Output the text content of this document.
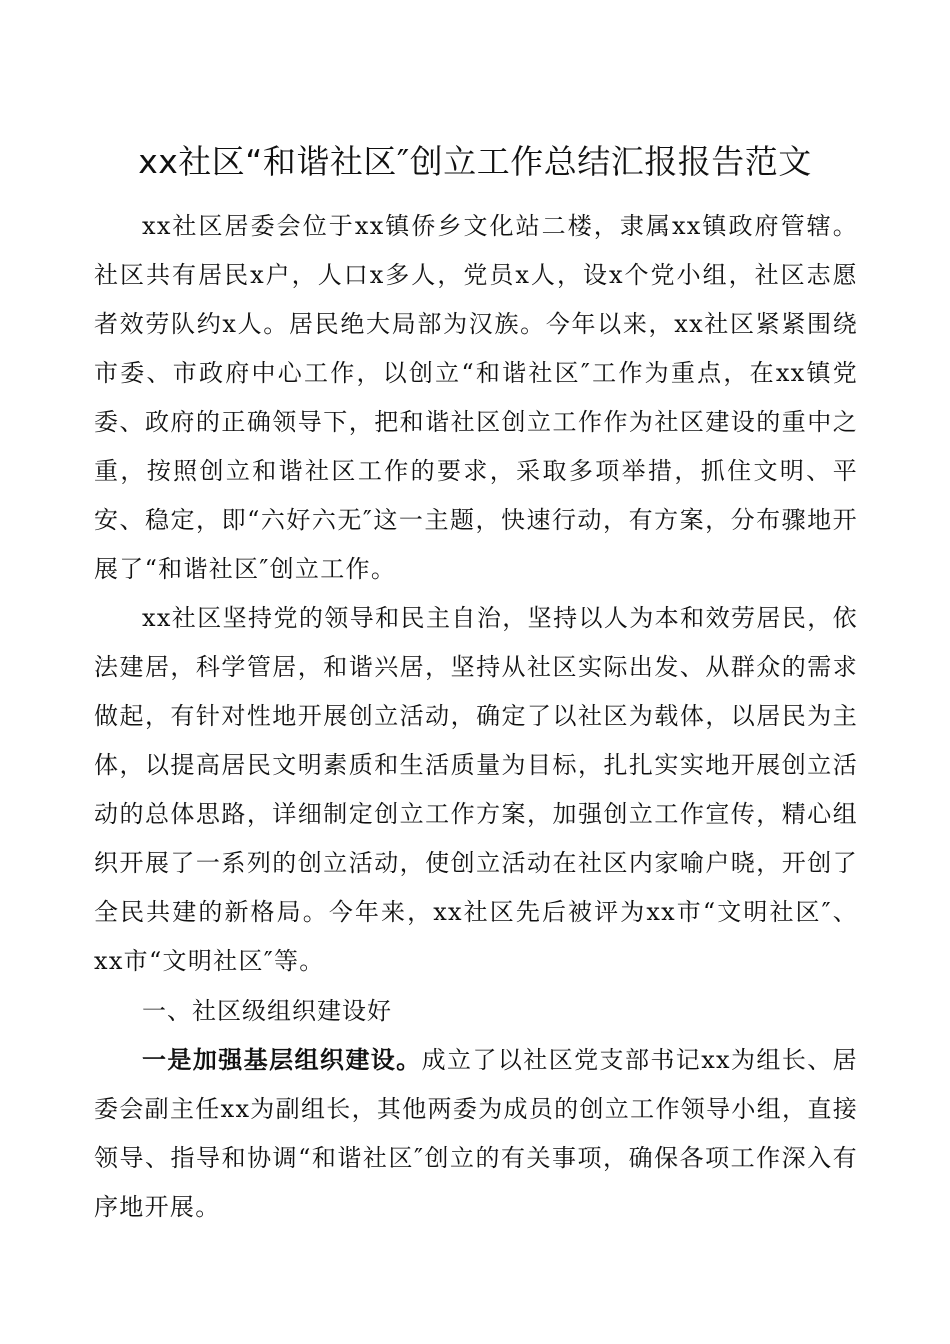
xx社区“和谐社区″创立工作总结汇报报告范文

xx社区居委会位于xx镇侨乡文化站二楼，隶属xx镇政府管辖。社区共有居民x户，人口x多人，党员x人，设x个党小组，社区志愿者效劳队约x人。居民绝大局部为汉族。今年以来，xx社区紧紧围绕市委、市政府中心工作，以创立“和谐社区″工作为重点，在xx镇党委、政府的正确领导下，把和谐社区创立工作作为社区建设的重中之重，按照创立和谐社区工作的要求，采取多项举措，抓住文明、平安、稳定，即“六好六无″这一主题，快速行动，有方案，分布骤地开展了“和谐社区″创立工作。

xx社区坚持党的领导和民主自治，坚持以人为本和效劳居民，依法建居，科学管居，和谐兴居，坚持从社区实际出发、从群众的需求做起，有针对性地开展创立活动，确定了以社区为载体，以居民为主体，以提高居民文明素质和生活质量为目标，扎扎实实地开展创立活动的总体思路，详细制定创立工作方案，加强创立工作宣传，精心组织开展了一系列的创立活动，使创立活动在社区内家喻户晓，开创了全民共建的新格局。今年来，xx社区先后被评为xx市“文明社区″、xx市“文明社区″等。

一、社区级组织建设好

一是加强基层组织建设。成立了以社区党支部书记xx为组长、居委会副主任xx为副组长，其他两委为成员的创立工作领导小组，直接领导、指导和协调“和谐社区″创立的有关事项，确保各项工作深入有序地开展。
